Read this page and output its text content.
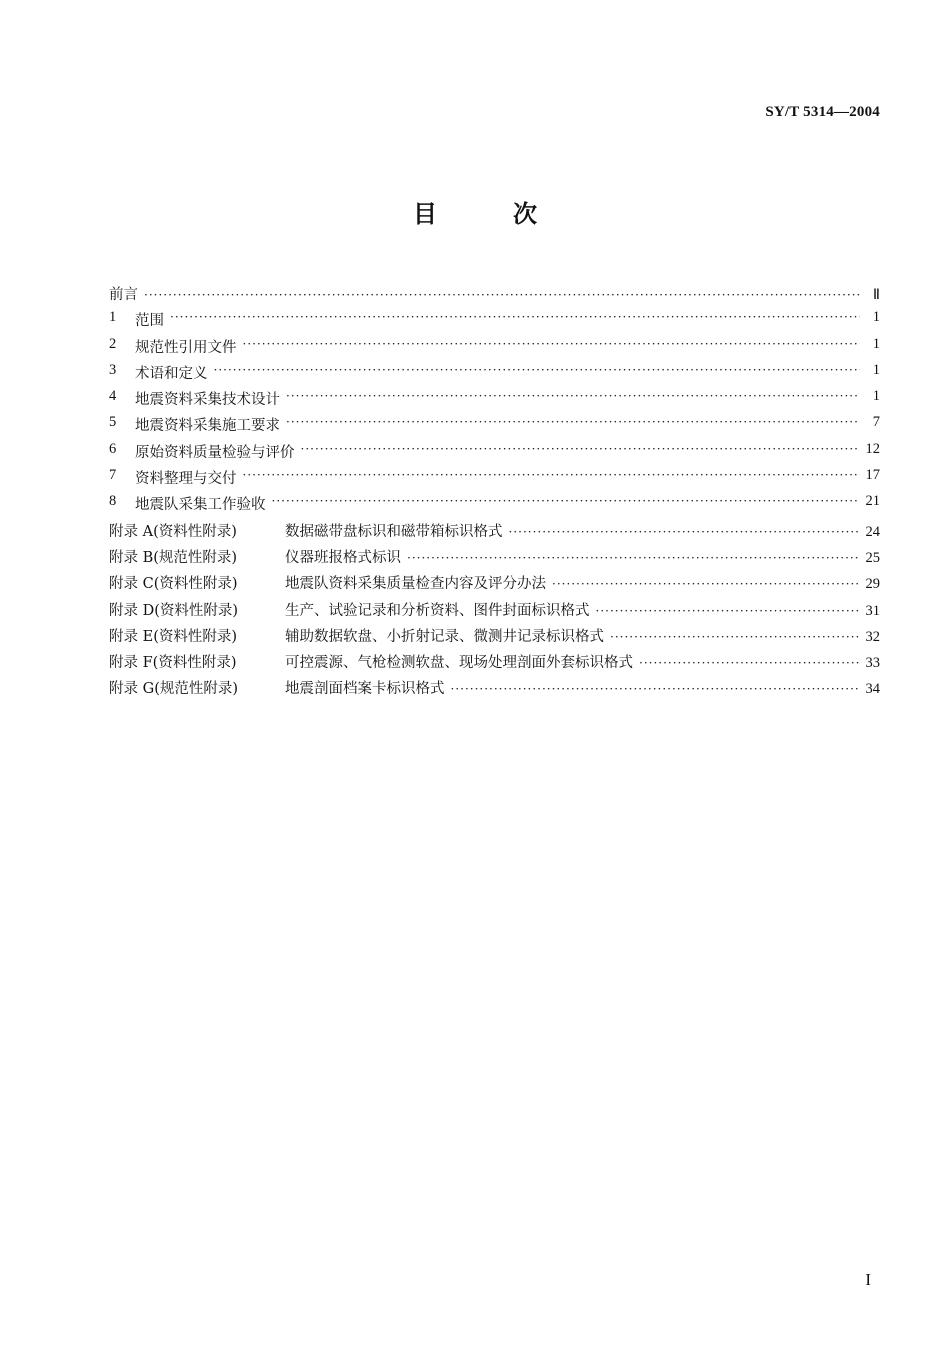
SY/T 5314—2004
目	次
前言 ·····	Ⅱ
1	范围 ·····	1
2	规范性引用文件 ·····	1
3	术语和定义 ·····	1
4	地震资料采集技术设计 ·····	1
5	地震资料采集施工要求 ·····	7
6	原始资料质量检验与评价 ·····	12
7	资料整理与交付 ·····	17
8	地震队采集工作验收 ·····	21
附录 A(资料性附录)	数据磁带盘标识和磁带箱标识格式 ·····	24
附录 B(规范性附录)	仪器班报格式标识 ·····	25
附录 C(资料性附录)	地震队资料采集质量检查内容及评分办法 ·····	29
附录 D(资料性附录)	生产、试验记录和分析资料、图件封面标识格式 ·····	31
附录 E(资料性附录)	辅助数据软盘、小折射记录、微测井记录标识格式 ·····	32
附录 F(资料性附录)	可控震源、气枪检测软盘、现场处理剖面外套标识格式 ·····	33
附录 G(规范性附录)	地震剖面档案卡标识格式 ·····	34
I
